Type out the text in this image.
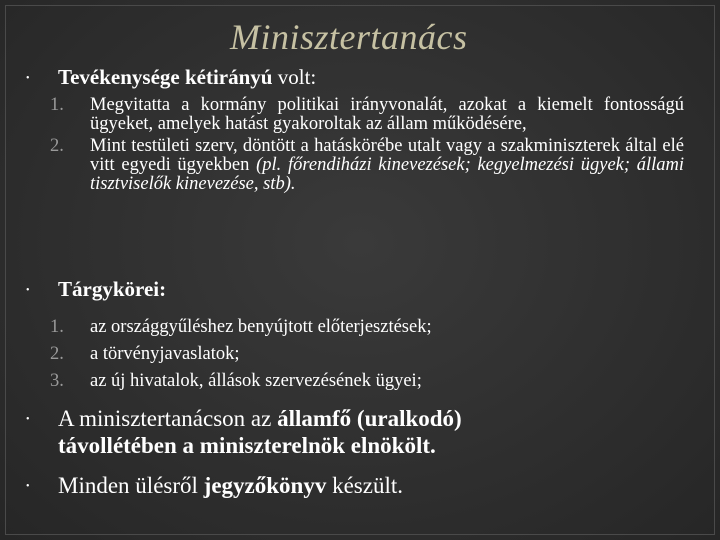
Minisztertanács
• Tevékenysége kétirányú volt:
1.	Megvitatta a kormány politikai irányvonalát, azokat a kiemelt fontosságú ügyeket, amelyek hatást gyakoroltak az állam működésére,
2.	Mint testületi szerv, döntött a hatáskörébe utalt vagy a szakminiszterek által elé vitt egyedi ügyekben (pl. főrendiházi kinevezések; kegyelmezési ügyek; állami tisztviselők kinevezése, stb).
• Tárgykörei:
1.	az országgyűléshez benyújtott előterjesztések;
2.	a törvényjavaslatok;
3.	az új hivatalok, állások szervezésének ügyei;
• A minisztertanácson az államfő (uralkodó)
távollétében a miniszterelnök elnökölt.
• Minden ülésről jegyzőkönyv készült.
